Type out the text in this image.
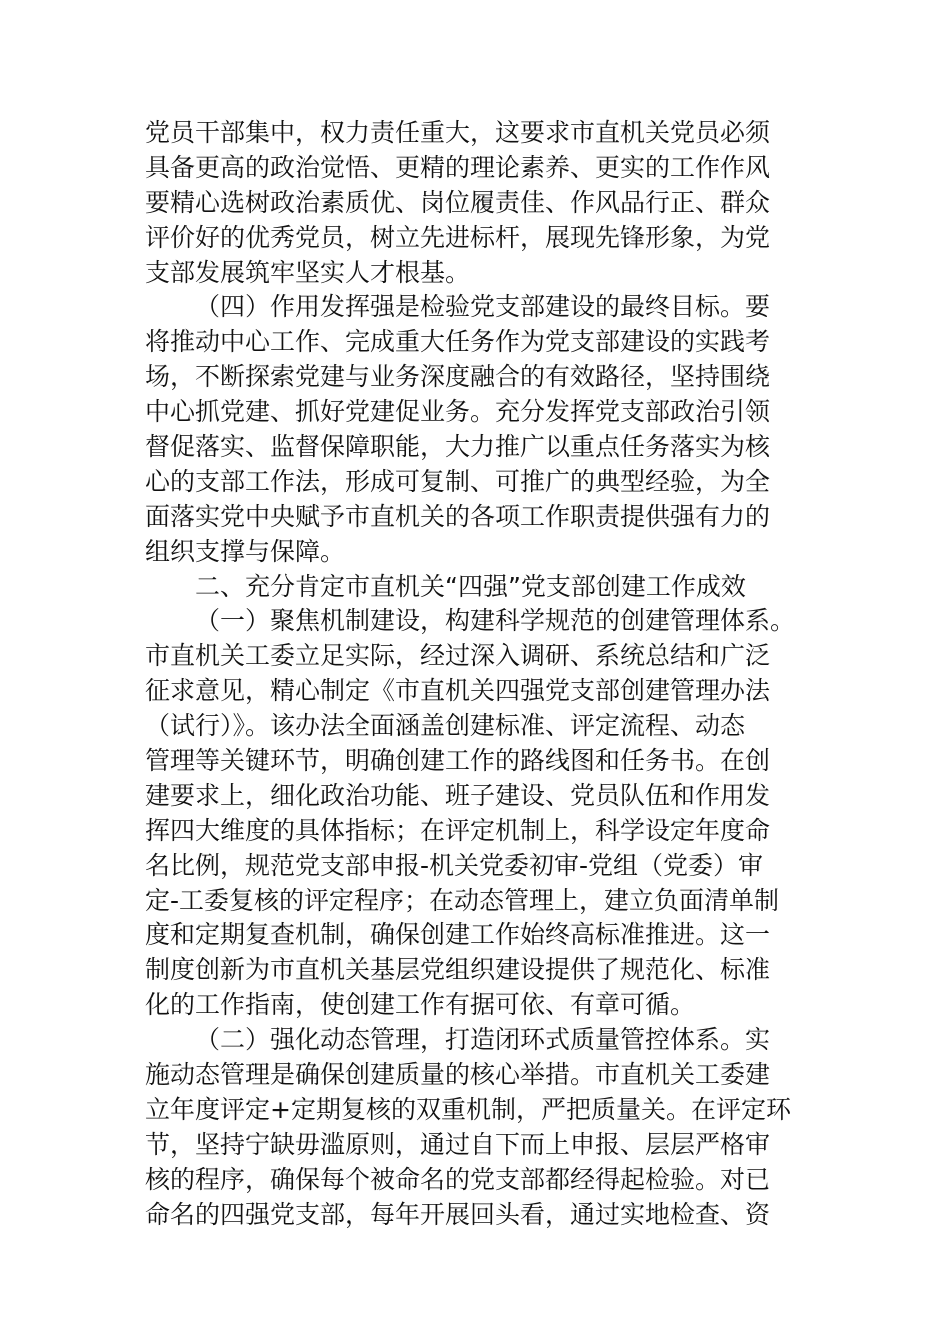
党员干部集中，权力责任重大，这要求市直机关党员必须
具备更高的政治觉悟、更精的理论素养、更实的工作作风
要精心选树政治素质优、岗位履责佳、作风品行正、群众
评价好的优秀党员，树立先进标杆，展现先锋形象，为党
支部发展筑牢坚实人才根基。
（四）作用发挥强是检验党支部建设的最终目标。要
将推动中心工作、完成重大任务作为党支部建设的实践考
场，不断探索党建与业务深度融合的有效路径，坚持围绕
中心抓党建、抓好党建促业务。充分发挥党支部政治引领
督促落实、监督保障职能，大力推广以重点任务落实为核
心的支部工作法，形成可复制、可推广的典型经验，为全
面落实党中央赋予市直机关的各项工作职责提供强有力的
组织支撑与保障。
二、充分肯定市直机关“四强”党支部创建工作成效
（一）聚焦机制建设，构建科学规范的创建管理体系。
市直机关工委立足实际，经过深入调研、系统总结和广泛
征求意见，精心制定《市直机关四强党支部创建管理办法
（试行）》。该办法全面涵盖创建标准、评定流程、动态
管理等关键环节，明确创建工作的路线图和任务书。在创
建要求上，细化政治功能、班子建设、党员队伍和作用发
挥四大维度的具体指标；在评定机制上，科学设定年度命
名比例，规范党支部申报-机关党委初审-党组（党委）审
定-工委复核的评定程序；在动态管理上，建立负面清单制
度和定期复查机制，确保创建工作始终高标准推进。这一
制度创新为市直机关基层党组织建设提供了规范化、标准
化的工作指南，使创建工作有据可依、有章可循。
（二）强化动态管理，打造闭环式质量管控体系。实
施动态管理是确保创建质量的核心举措。市直机关工委建
立年度评定+定期复核的双重机制，严把质量关。在评定环
节，坚持宁缺毋滥原则，通过自下而上申报、层层严格审
核的程序，确保每个被命名的党支部都经得起检验。对已
命名的四强党支部，每年开展回头看，通过实地检查、资
